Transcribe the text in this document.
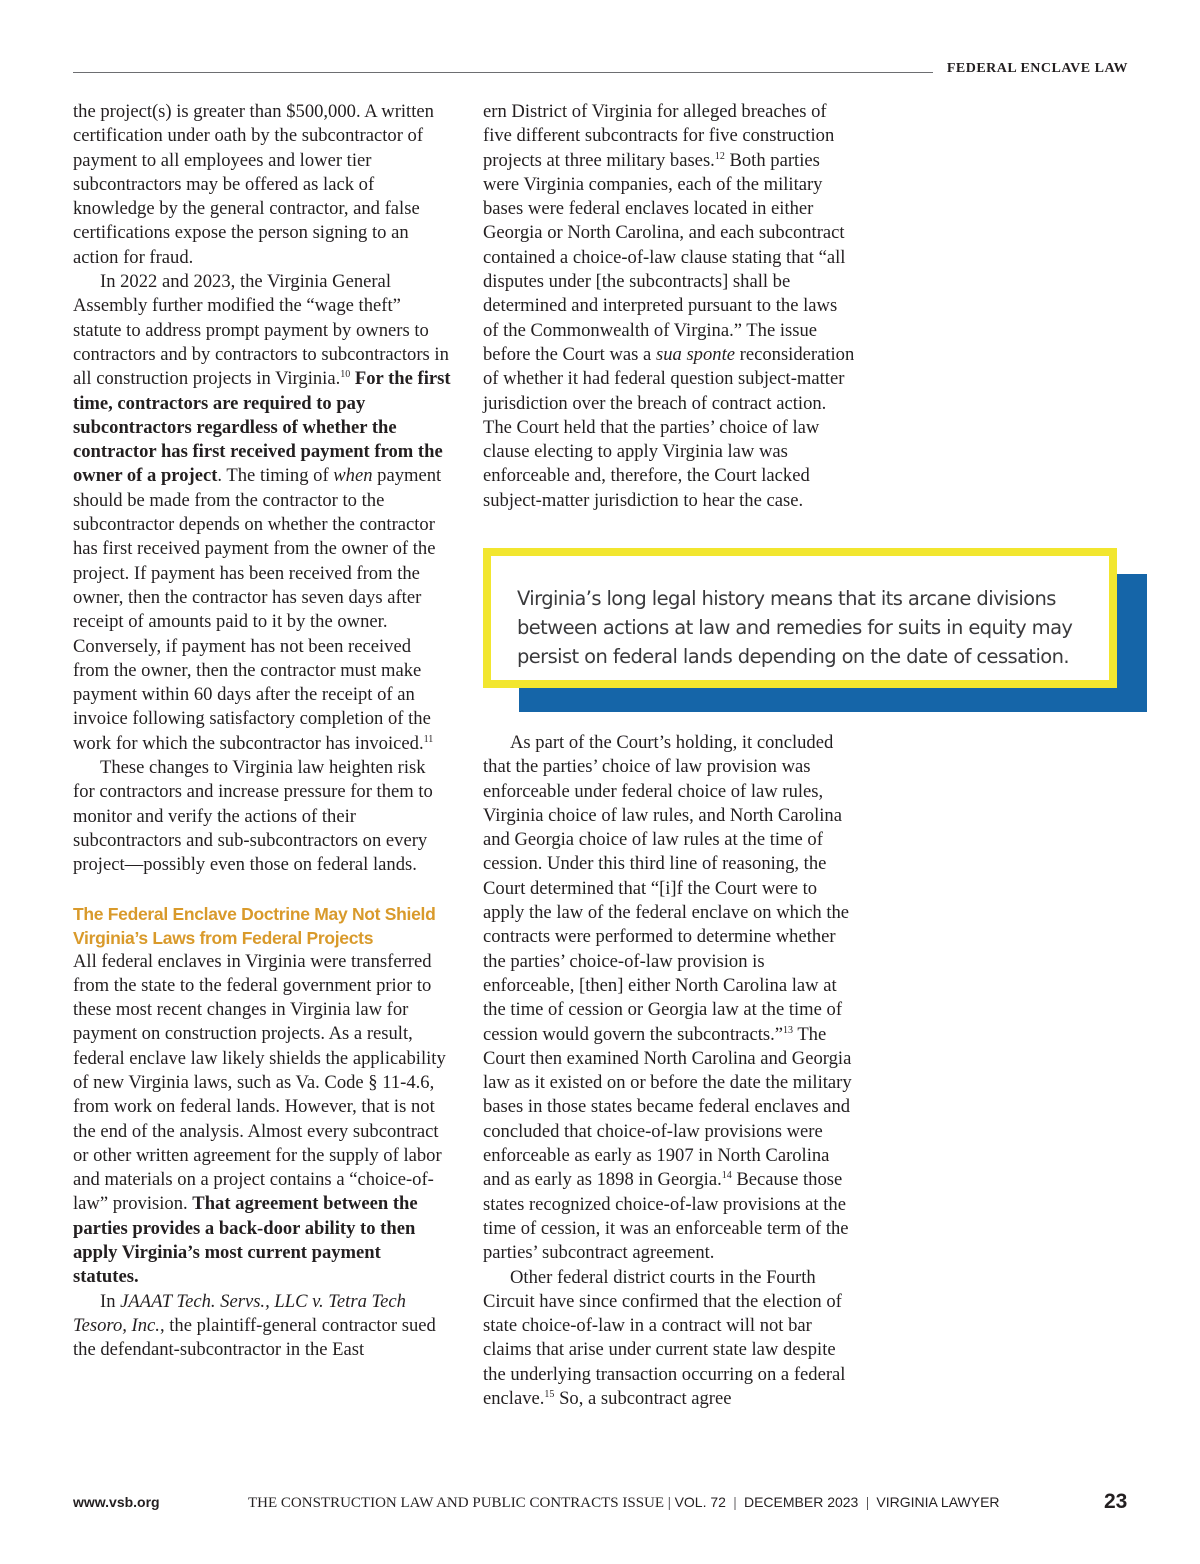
FEDERAL ENCLAVE LAW

the project(s) is greater than $500,000. A written certification under oath by the subcontractor of payment to all employees and lower tier subcontractors may be offered as lack of knowledge by the general contractor, and false certifications expose the person signing to an action for fraud.

In 2022 and 2023, the Virginia General Assembly further modified the “wage theft” statute to address prompt payment by owners to contractors and by contractors to subcontractors in all construction projects in Virginia.$^{10}$ For the first time, contractors are required to pay subcontractors regardless of whether the contractor has first received payment from the owner of a project. The timing of when payment should be made from the contractor to the subcontractor depends on whether the contractor has first received payment from the owner of the project. If payment has been received from the owner, then the contractor has seven days after receipt of amounts paid to it by the owner. Conversely, if payment has not been received from the owner, then the contractor must make payment within 60 days after the receipt of an invoice following satisfactory completion of the work for which the subcontractor has invoiced.$^{11}$

These changes to Virginia law heighten risk for contractors and increase pressure for them to monitor and verify the actions of their subcontractors and sub-subcontractors on every project—possibly even those on federal lands.

The Federal Enclave Doctrine May Not Shield Virginia’s Laws from Federal Projects

All federal enclaves in Virginia were transferred from the state to the federal government prior to these most recent changes in Virginia law for payment on construction projects. As a result, federal enclave law likely shields the applicability of new Virginia laws, such as Va. Code § 11-4.6, from work on federal lands. However, that is not the end of the analysis. Almost every subcontract or other written agreement for the supply of labor and materials on a project contains a “choice-of-law” provision. That agreement between the parties provides a back-door ability to then apply Virginia’s most current payment statutes.

In JAAAT Tech. Servs., LLC v. Tetra Tech Tesoro, Inc., the plaintiff-general contractor sued the defendant-subcontractor in the East

ern District of Virginia for alleged breaches of five different subcontracts for five construction projects at three military bases.$^{12}$ Both parties were Virginia companies, each of the military bases were federal enclaves located in either Georgia or North Carolina, and each subcontract contained a choice-of-law clause stating that “all disputes under [the subcontracts] shall be determined and interpreted pursuant to the laws of the Commonwealth of Virgina.” The issue before the Court was a sua sponte reconsideration of whether it had federal question subject-matter jurisdiction over the breach of contract action. The Court held that the parties’ choice of law clause electing to apply Virginia law was enforceable and, therefore, the Court lacked subject-matter jurisdiction to hear the case.

Virginia’s long legal history means that its arcane divisions between actions at law and remedies for suits in equity may persist on federal lands depending on the date of cessation.

As part of the Court’s holding, it concluded that the parties’ choice of law provision was enforceable under federal choice of law rules, Virginia choice of law rules, and North Carolina and Georgia choice of law rules at the time of cession. Under this third line of reasoning, the Court determined that “[i]f the Court were to apply the law of the federal enclave on which the contracts were performed to determine whether the parties’ choice-of-law provision is enforceable, [then] either North Carolina law at the time of cession or Georgia law at the time of cession would govern the subcontracts.”$^{13}$ The Court then examined North Carolina and Georgia law as it existed on or before the date the military bases in those states became federal enclaves and concluded that choice-of-law provisions were enforceable as early as 1907 in North Carolina and as early as 1898 in Georgia.$^{14}$ Because those states recognized choice-of-law provisions at the time of cession, it was an enforceable term of the parties’ subcontract agreement.

Other federal district courts in the Fourth Circuit have since confirmed that the election of state choice-of-law in a contract will not bar claims that arise under current state law despite the underlying transaction occurring on a federal enclave.$^{15}$ So, a subcontract agree

www.vsb.org	THE CONSTRUCTION LAW AND PUBLIC CONTRACTS ISSUE | VOL. 72 | DECEMBER 2023 | VIRGINIA LAWYER	23
